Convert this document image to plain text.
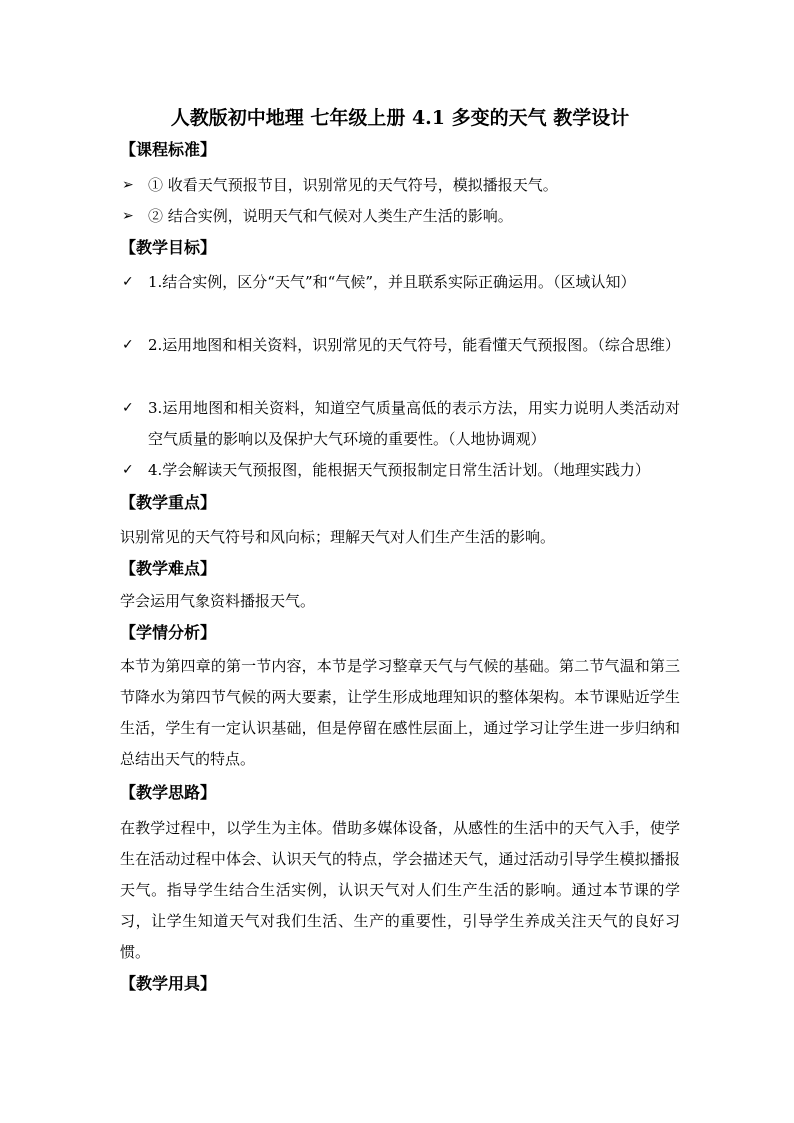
人教版初中地理 七年级上册 4.1 多变的天气 教学设计
【课程标准】
➢ ① 收看天气预报节目，识别常见的天气符号，模拟播报天气。
➢ ② 结合实例，说明天气和气候对人类生产生活的影响。
【教学目标】
✓ 1.结合实例，区分“天气”和“气候”，并且联系实际正确运用。（区域认知）
✓ 2.运用地图和相关资料，识别常见的天气符号，能看懂天气预报图。（综合思维）
✓ 3.运用地图和相关资料，知道空气质量高低的表示方法，用实力说明人类活动对空气质量的影响以及保护大气环境的重要性。（人地协调观）
✓ 4.学会解读天气预报图，能根据天气预报制定日常生活计划。（地理实践力）
【教学重点】
识别常见的天气符号和风向标；理解天气对人们生产生活的影响。
【教学难点】
学会运用气象资料播报天气。
【学情分析】
本节为第四章的第一节内容，本节是学习整章天气与气候的基础。第二节气温和第三节降水为第四节气候的两大要素，让学生形成地理知识的整体架构。本节课贴近学生生活，学生有一定认识基础，但是停留在感性层面上，通过学习让学生进一步归纳和总结出天气的特点。
【教学思路】
在教学过程中，以学生为主体。借助多媒体设备，从感性的生活中的天气入手，使学生在活动过程中体会、认识天气的特点，学会描述天气，通过活动引导学生模拟播报天气。指导学生结合生活实例，认识天气对人们生产生活的影响。通过本节课的学习，让学生知道天气对我们生活、生产的重要性，引导学生养成关注天气的良好习惯。
【教学用具】
